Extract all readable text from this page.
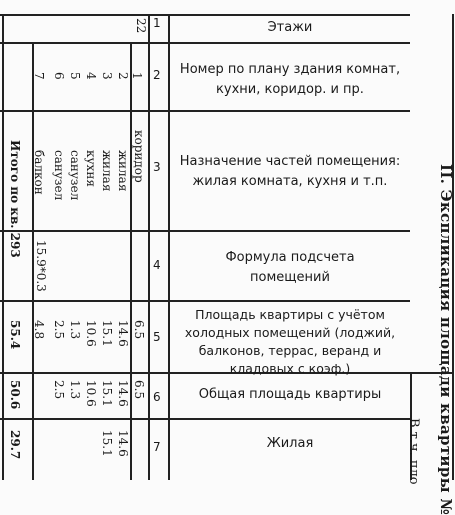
Этажи
Номер по плану здания комнат, кухни, коридор. и пр.
Назначение частей помещения: жилая комната, кухня и т.п.
Формула подсчета помещений
Площадь квартиры с учётом холодных помещений (лоджий, балконов, террас, веранд и кладовых с коэф.)
Общая площадь квартиры
Жилая
1
2
3
4
5
6
7
22
1
2
3
4
5
6
7
коридор
жилая
жилая
кухня
санузел
санузел
балкон
15.9*0.3
6.5
14.6
15.1
10.6
1.3
2.5
4.8
6.5
14.6
15.1
10.6
1.3
2.5
14.6
15.1
Итого по кв. 293
55.4
50.6
29.7	II. Экспликация площади квартиры №
В т.ч. пло
